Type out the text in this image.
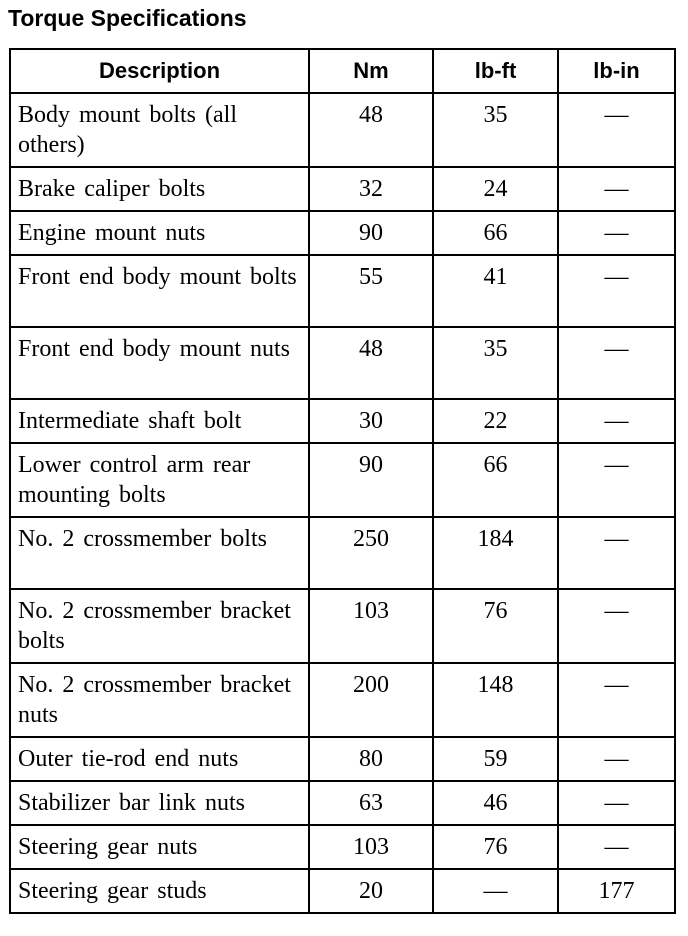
Torque Specifications
Description	Nm	lb-ft	lb-in
Body mount bolts (all others)	48	35	—
Brake caliper bolts	32	24	—
Engine mount nuts	90	66	—
Front end body mount bolts	55	41	—
Front end body mount nuts	48	35	—
Intermediate shaft bolt	30	22	—
Lower control arm rear mounting bolts	90	66	—
No. 2 crossmember bolts	250	184	—
No. 2 crossmember bracket bolts	103	76	—
No. 2 crossmember bracket nuts	200	148	—
Outer tie-rod end nuts	80	59	—
Stabilizer bar link nuts	63	46	—
Steering gear nuts	103	76	—
Steering gear studs	20	—	177
